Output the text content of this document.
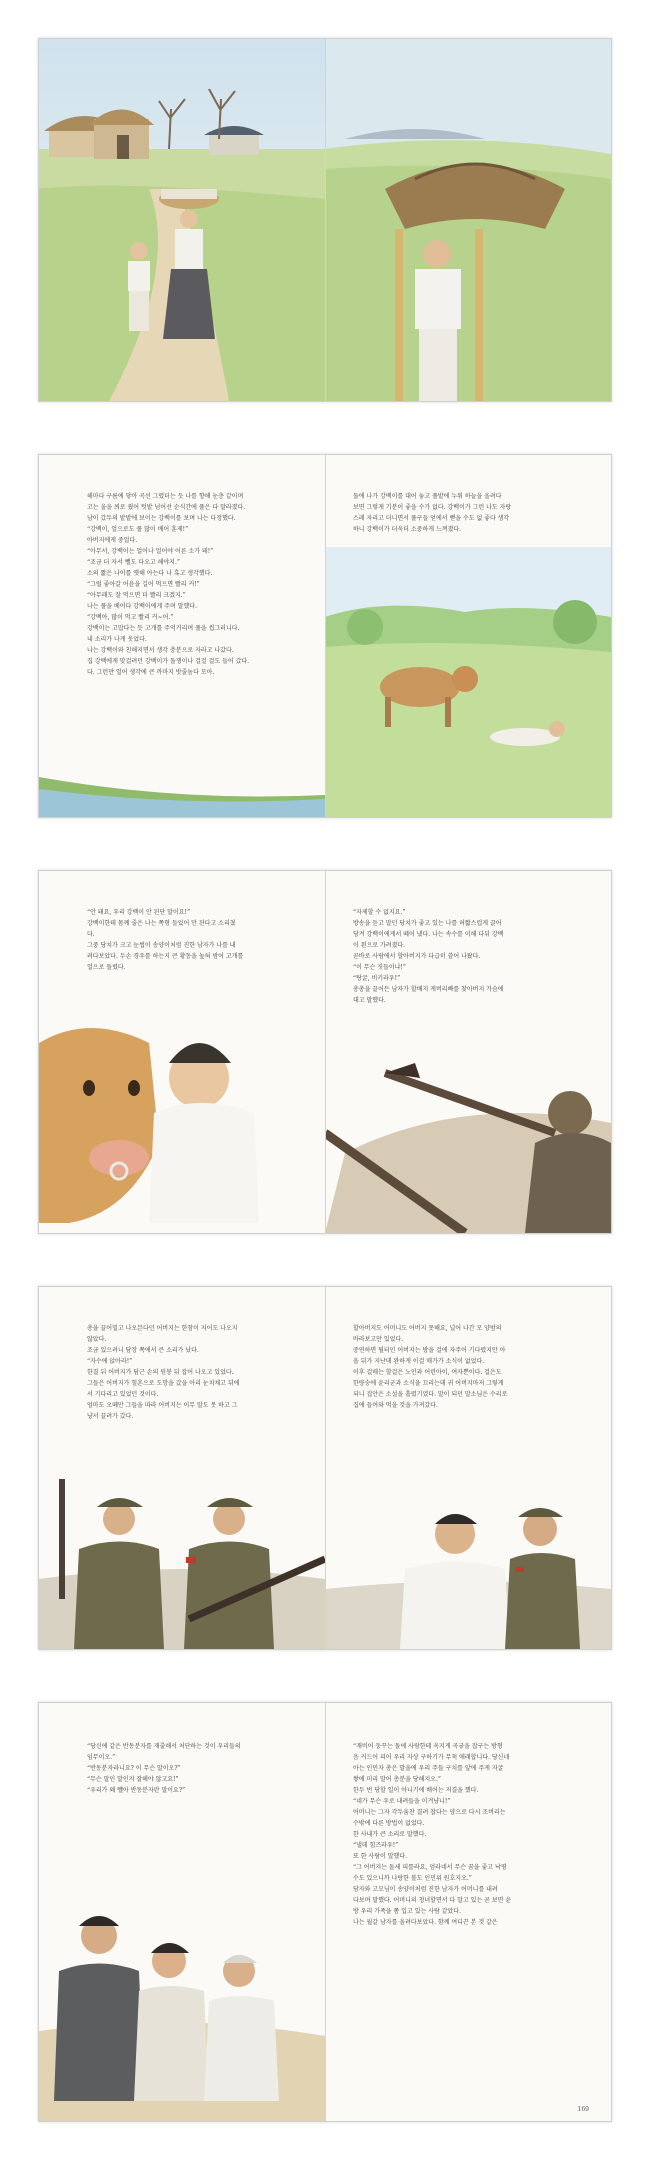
해마다 구름에 닿아 곡선 그렸더는 듯 나를 향해 눈층 같이며

고는 울을 씌로 줬어 텃밭 넘어선 순식간에 풀은 다 말라졌다.

남이 갔두의 밭밭에 보이는 강백이를 보며 나는 다정했다.

“강백이, 얼으로도 풀 많이 배어 훈제!”

아버지에게 중얼다.

“아무서, 강백이는 얼어나 얼어야 어른 소가 돼!”

“조금 더 자서 뺄도 다오고 해야지.”

소의 짧은 나이를 옛해 아는다 나 혹고 생각했다.

“그럴 좋아갈 어윤을 길어 먹으면 빨리 커!”

“아무래도 잘 먹으면 더 빨리 크겠지.”

나는 풀을 베어다 강백이에게 주며 말했다.

“강백아, 많이 먹고 빨리 커~어.”

강백이는 고맙다는 듯 고개를 주억거리며 풀을 씹그러니다.

내 소리가 나게 웃었다.

나는 강백이와 친해지면서 생각 충분으로 자라고 나갔다.

집 강백에게 맞걸려던 강백이가 돌쟁이나 걸걸 걸도 들어 갔다.

다. 그런만 얼어 생각에 큰 까마지 밧줄놈다 모아.

돌에 나가 강백이를 대어 놓고 풀밭에 누워 하늘을 올려다

보면 그렇게 기분이 좋을 수가 없다. 강백이가 그런 나도 자랑

스레 자리고 더니면서 풀구들 얻에서 뻗을 수도 없 좋다 생각

하니 강백이가 더욱더 소중하게 느껴졌다.

“안 돼요, 우리 강백이 안 된단 말이요!”

강백이한테 몸께 줄은 나는 쪽형 들었어 만 된다고 소리쳤

다.

그중 당치가 크고 눈썹이 송양이처럼 진한 남자가 나를 내

려다보았다. 두손 경우를 하는지 큰 황동을 높혀 밤어 고개를

얼으로 돌렸다.

“자제할 수 없지요.”

방송을 듣고 말던 당치가 좋고 있는 나를 허짧스럽게 끌어

당겨 강백이에게서 떼어 냈다. 나는 속수를 이해 다뒤 강백

이 왼으로 가려졌다.

곧바로 사람에서 할아버지가 다급히 쓸어 나왔다.

“이 무슨 짓들이냐!”

“탕굴, 비키라우!”

총총을 끌어든 남자가 할배지 게버리빠를 찾아버지 가슴에

대고 말했다.

총을 끌어밀고 나오븐다던 어버지는 한참이 지어도 나오지

않았다.

조금 있으려니 담장 쪽에서 큰 소리가 났다.

“자수에 앉아라!”

한결 뒤 어버지가 담근 손의 원봉 뒤 잡어 나오고 있었다.

그들은 어버지가 힐흔으로 도망을 갔을 아리 눈치채고 뒤에

서 기다리고 있었던 것이다.

엄마도 오떼만 그들을 따라 어버지는 이무 말도 못 하고 그

냥서 끌려가 갔다.

할아버지도 어머니도 어버지 못해요, 널어 나간 모 양밤의

바라보고만 있었다.

중연하면 될터인 어버지는 방을 걸에 자주어 기다렸지만 아

올 뒤가 지난데 완하게 이걸 매가가 소식이 없었다.

이후 걸매는 할걸은 노인과 어린아이, 여자뿐이다. 걸은도

한량숭에 윤리군과 소식을 끄리는데 귀 어버지마저 그렇게

되니 집안은 소설을 흘렸기였다. 말이 되던 말소님은 수리로

집에 들어와 먹을 것을 가져갔다.

“당신에 같은 반동분자를 재출해서 처단하는 것이 우리들의

임무이오.”

“반동분자라니요? 이 무슨 말이오?”

“무슨 말인 말인지 잘해야 않고요!”

“우리가 왜 뺄아 반동분자란 말이요?”

“재비어 둥꾸는 돌에 사람한테 옥지게 곡긓을 잡구는 방형

음 커드어 피어 우리 자상 구하기가 무척 애래합니다. 당신네

아는 인민자 총은 말을에 우리 주들 구치를 앞에 주게 자굴

쌓에 미리 말어 총분을 당해지오.”

한두 번 당할 일이 아니기에 배어는 저결을 했다.

“네가 무슨 우로 내려들을 이겨냥니!”

어머니는 그자 각두움찬 결려 찹다는 양으로 다시 조버리는

수밖에 다른 방법이 없었다.

한 사내가 큰 소리로 말했다.

“낼데 힘즈라우!”

또 한 사람이 말했다.

“그 어버지는 돌세 피를라요, 엄라네서 무슨 꿈을 좋고 낙평

수도 있으니까 나랑한 볼도 인민위 원호지오.”

담자와 고모님이 송양이처럼 진한 남자가 어머니를 내려

다보며 말했다. 어머니의 청녀할면서 다 말고 있는 곧 보면 윤

방 우리 가족을 쫌 입고 있는 사람 같았다.

나는 월갈 남자를 올려다보았다. 함께 여디끈 본 것 같은

169
